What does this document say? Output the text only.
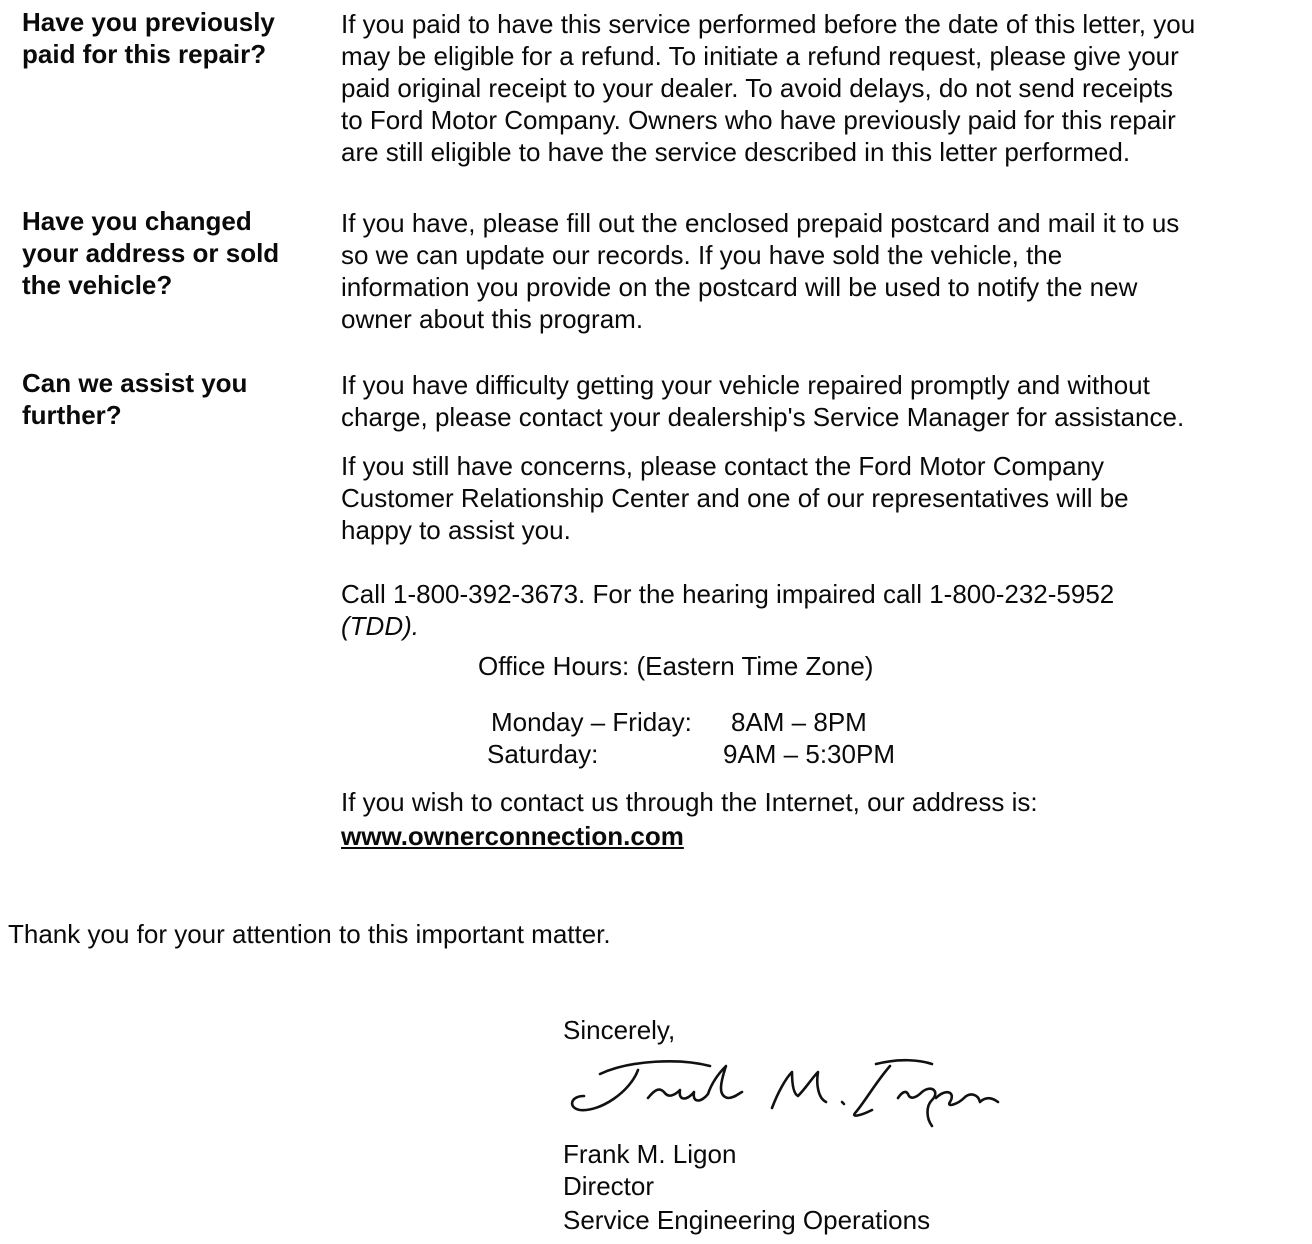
Have you previously
paid for this repair?
If you paid to have this service performed before the date of this letter, you
may be eligible for a refund. To initiate a refund request, please give your
paid original receipt to your dealer. To avoid delays, do not send receipts
to Ford Motor Company. Owners who have previously paid for this repair
are still eligible to have the service described in this letter performed.
Have you changed
your address or sold
the vehicle?
If you have, please fill out the enclosed prepaid postcard and mail it to us
so we can update our records. If you have sold the vehicle, the
information you provide on the postcard will be used to notify the new
owner about this program.
Can we assist you
further?
If you have difficulty getting your vehicle repaired promptly and without
charge, please contact your dealership's Service Manager for assistance.
If you still have concerns, please contact the Ford Motor Company
Customer Relationship Center and one of our representatives will be
happy to assist you.
Call 1-800-392-3673. For the hearing impaired call 1-800-232-5952
(TDD).
Office Hours: (Eastern Time Zone)
Monday – Friday: 8AM – 8PM
Saturday:	9AM – 5:30PM
If you wish to contact us through the Internet, our address is:
www.ownerconnection.com
Thank you for your attention to this important matter.
Sincerely,
Frank M. Ligon
Director
Service Engineering Operations
